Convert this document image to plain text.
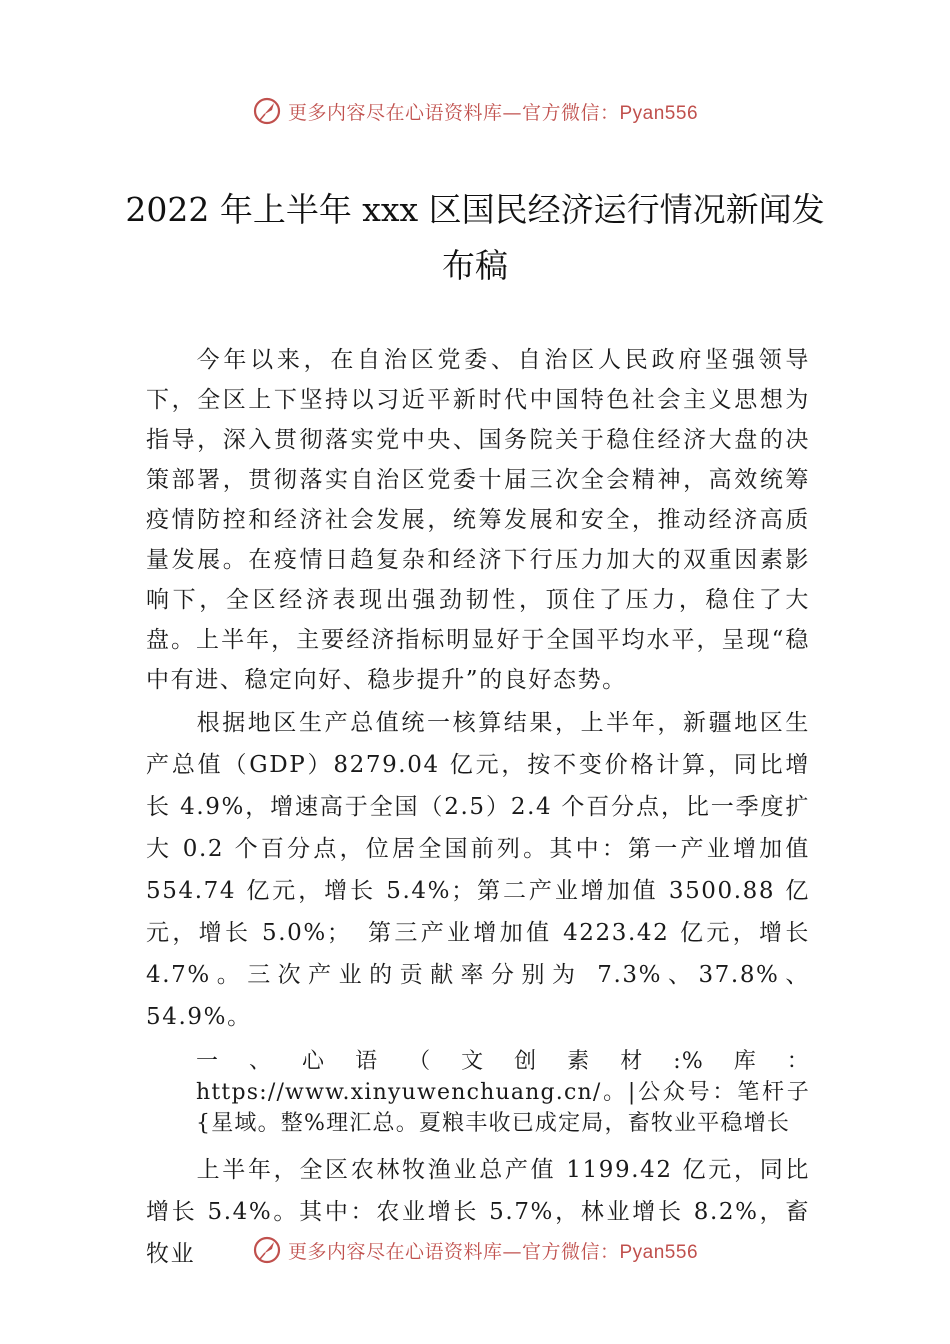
更多内容尽在心语资料库—官方微信：Pyan556
2022 年上半年 xxx 区国民经济运行情况新闻发布稿

今年以来，在自治区党委、自治区人民政府坚强领导下，全区上下坚持以习近平新时代中国特色社会主义思想为指导，深入贯彻落实党中央、国务院关于稳住经济大盘的决策部署，贯彻落实自治区党委十届三次全会精神，高效统筹疫情防控和经济社会发展，统筹发展和安全，推动经济高质量发展。在疫情日趋复杂和经济下行压力加大的双重因素影响下，全区经济表现出强劲韧性，顶住了压力，稳住了大盘。上半年，主要经济指标明显好于全国平均水平，呈现“稳中有进、稳定向好、稳步提升”的良好态势。

根据地区生产总值统一核算结果，上半年，新疆地区生产总值（GDP）8279.04 亿元，按不变价格计算，同比增长 4.9%，增速高于全国（2.5）2.4 个百分点，比一季度扩大 0.2 个百分点，位居全国前列。其中：第一产业增加值 554.74 亿元，增长 5.4%；第二产业增加值 3500.88 亿元，增长 5.0%；　第三产业增加值 4223.42 亿元，增长 4.7%。三次产业的贡献率分别为 7.3%、37.8%、54.9%。

一、心语（文创素材:%库：https://www.xinyuwenchuang.cn/。|公众号：笔杆子{星域。整%理汇总。夏粮丰收已成定局，畜牧业平稳增长

上半年，全区农林牧渔业总产值 1199.42 亿元，同比增长 5.4%。其中：农业增长 5.7%，林业增长 8.2%，畜牧业	更多内容尽在心语资料库—官方微信：Pyan556
